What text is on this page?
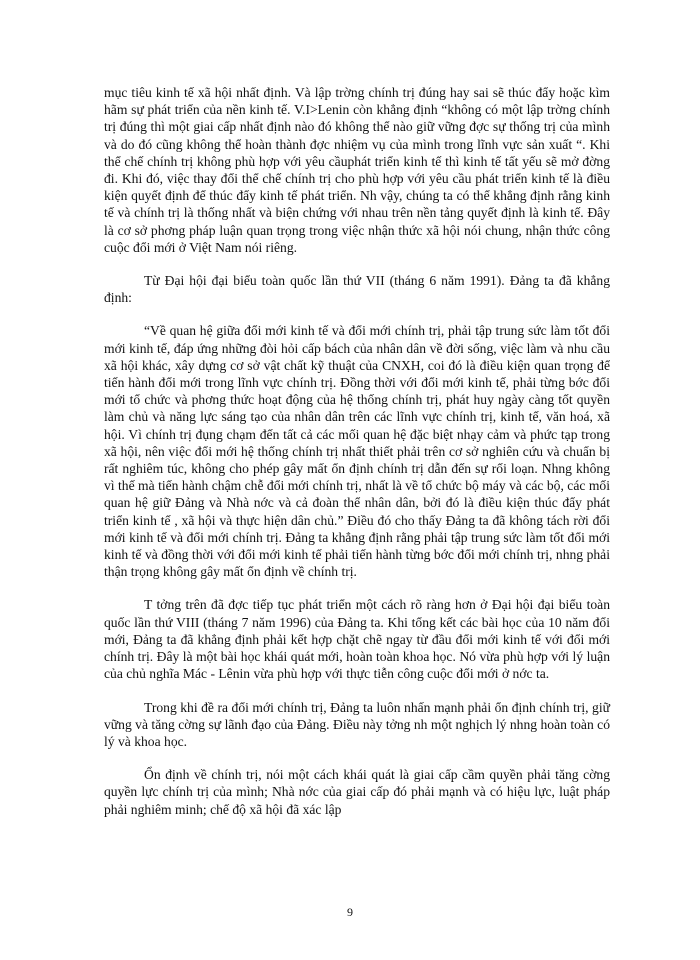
mục tiêu kinh tế xã hội nhất định. Và lập trờng chính trị đúng hay sai sẽ thúc đẩy hoặc kìm hãm sự phát triển của nền kinh tế. V.I>Lenin còn khẳng định “không có một lập trờng chính trị đúng thì một giai cấp nhất định nào đó không thể nào giữ vững đợc sự thống trị của mình và do đó cũng không thể hoàn thành đợc nhiệm vụ của mình trong lĩnh vực sản xuất “. Khi thể chế chính trị không phù hợp với yêu cầuphát triển kinh tế thì kinh tế tất yếu sẽ mở đờng đi. Khi đó, việc thay đổi thể chế chính trị cho phù hợp với yêu cầu phát triển kinh tế là điều kiện quyết định để thúc đẩy kinh tế phát triển. Nh vậy, chúng ta có thể khẳng định rằng kinh tế và chính trị là thống nhất và biện chứng với nhau trên nền tảng quyết định là kinh tế. Đây là cơ sở phơng pháp luận quan trọng trong việc nhận thức xã hội nói chung, nhận thức công cuộc đổi mới ở Việt Nam nói riêng.

Từ Đại hội đại biểu toàn quốc lần thứ VII (tháng 6 năm 1991). Đảng ta đã khẳng định:

“Về quan hệ giữa đổi mới kinh tế và đổi mới chính trị, phải tập trung sức làm tốt đổi mới kinh tế, đáp ứng những đòi hỏi cấp bách của nhân dân về đời sống, việc làm và nhu cầu xã hội khác, xây dựng cơ sở vật chất kỹ thuật của CNXH, coi đó là điều kiện quan trọng để tiến hành đổi mới trong lĩnh vực chính trị. Đồng thời với đổi mới kinh tế, phải từng bớc đổi mới tổ chức và phơng thức hoạt động của hệ thống chính trị, phát huy ngày càng tốt quyền làm chủ và năng lực sáng tạo của nhân dân trên các lĩnh vực chính trị, kinh tế, văn hoá, xã hội. Vì chính trị đụng chạm đến tất cả các mối quan hệ đặc biệt nhạy cảm và phức tạp trong xã hội, nên việc đổi mới hệ thống chính trị nhất thiết phải trên cơ sở nghiên cứu và chuẩn bị rất nghiêm túc, không cho phép gây mất ổn định chính trị dẫn đến sự rối loạn. Nhng không vì thế mà tiến hành chậm chễ đổi mới chính trị, nhất là về tổ chức bộ máy và các bộ, các mối quan hệ giữ Đảng và Nhà nớc và cả đoàn thể nhân dân, bởi đó là điều kiện thúc đẩy phát triển kinh tế , xã hội và thực hiện dân chủ.” Điều đó cho thấy Đảng ta đã không tách rời đổi mới kinh tế và đổi mới chính trị. Đảng ta khẳng định rằng phải tập trung sức làm tốt đổi mới kinh tế và đồng thời với đổi mới kinh tế phải tiến hành từng bớc đổi mới chính trị, nhng phải thận trọng không gây mất ổn định về chính trị.

T tởng trên đã đợc tiếp tục phát triển một cách rõ ràng hơn ở Đại hội đại biểu toàn quốc lần thứ VIII (tháng 7 năm 1996) của Đảng ta. Khi tổng kết các bài học của 10 năm đổi mới, Đảng ta đã khẳng định phải kết hợp chặt chẽ ngay từ đầu đổi mới kinh tế với đổi mới chính trị. Đây là một bài học khái quát mới, hoàn toàn khoa học. Nó vừa phù hợp với lý luận của chủ nghĩa Mác - Lênin vừa phù hợp với thực tiễn công cuộc đổi mới ở nớc ta.

Trong khi đề ra đổi mới chính trị, Đảng ta luôn nhấn mạnh phải ổn định chính trị, giữ vững và tăng cờng sự lãnh đạo của Đảng. Điều này tởng nh một nghịch lý nhng hoàn toàn có lý và khoa học.

Ổn định về chính trị, nói một cách khái quát là giai cấp cầm quyền phải tăng cờng quyền lực chính trị của mình; Nhà nớc của giai cấp đó phải mạnh và có hiệu lực, luật pháp phải nghiêm minh; chế độ xã hội đã xác lập

9
